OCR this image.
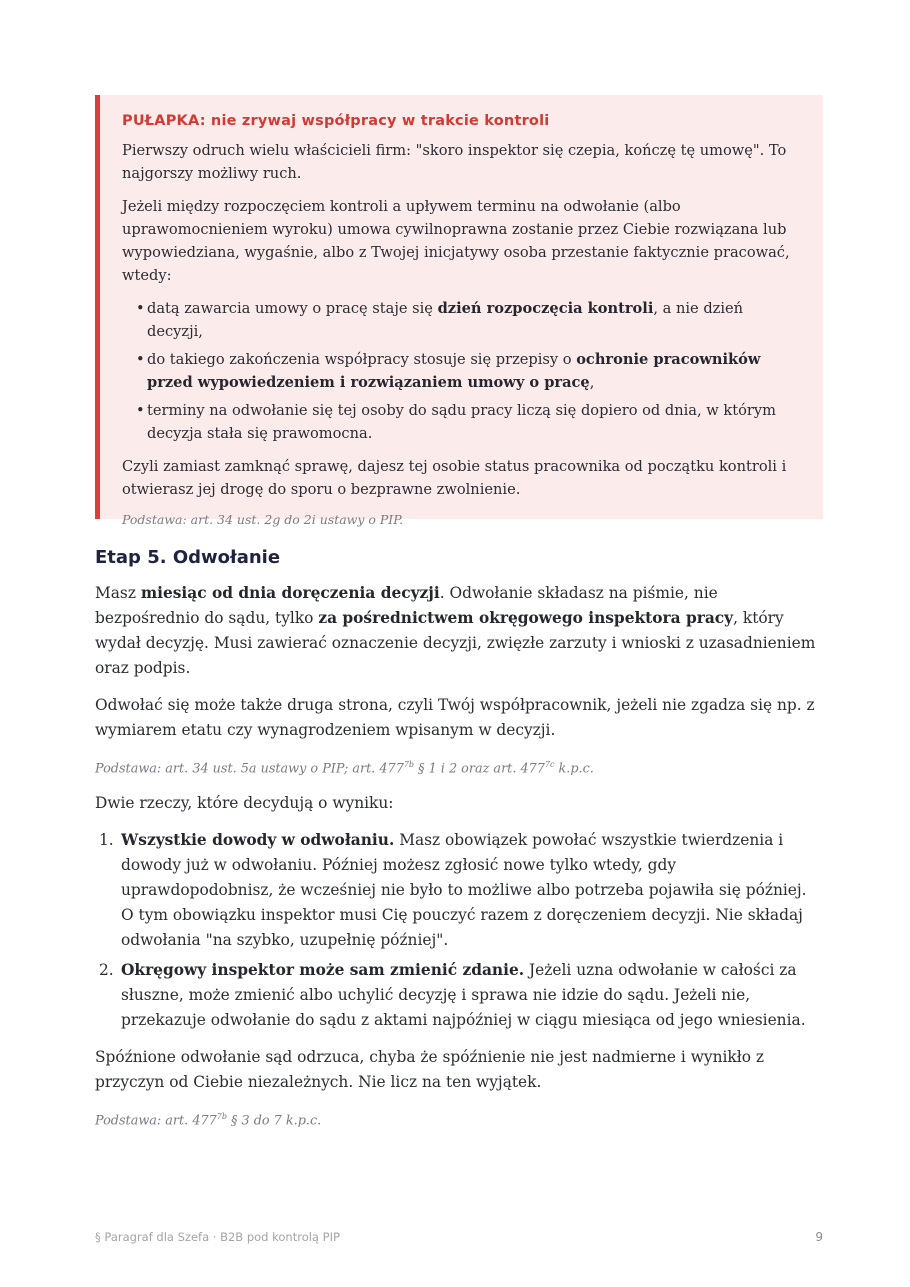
PUŁAPKA: nie zrywaj współpracy w trakcie kontroli

Pierwszy odruch wielu właścicieli firm: "skoro inspektor się czepia, kończę tę umowę". To najgorszy możliwy ruch.

Jeżeli między rozpoczęciem kontroli a upływem terminu na odwołanie (albo uprawomocnieniem wyroku) umowa cywilnoprawna zostanie przez Ciebie rozwiązana lub wypowiedziana, wygaśnie, albo z Twojej inicjatywy osoba przestanie faktycznie pracować, wtedy:

• datą zawarcia umowy o pracę staje się dzień rozpoczęcia kontroli, a nie dzień decyzji,
• do takiego zakończenia współpracy stosuje się przepisy o ochronie pracowników przed wypowiedzeniem i rozwiązaniem umowy o pracę,
• terminy na odwołanie się tej osoby do sądu pracy liczą się dopiero od dnia, w którym decyzja stała się prawomocna.

Czyli zamiast zamknąć sprawę, dajesz tej osobie status pracownika od początku kontroli i otwierasz jej drogę do sporu o bezprawne zwolnienie.

Podstawa: art. 34 ust. 2g do 2i ustawy o PIP.
Etap 5. Odwołanie

Masz miesiąc od dnia doręczenia decyzji. Odwołanie składasz na piśmie, nie bezpośrednio do sądu, tylko za pośrednictwem okręgowego inspektora pracy, który wydał decyzję. Musi zawierać oznaczenie decyzji, zwięzłe zarzuty i wnioski z uzasadnieniem oraz podpis.

Odwołać się może także druga strona, czyli Twój współpracownik, jeżeli nie zgadza się np. z wymiarem etatu czy wynagrodzeniem wpisanym w decyzji.

Podstawa: art. 34 ust. 5a ustawy o PIP; art. $477^{7b}$ § 1 i 2 oraz art. $477^{7c}$ k.p.c.

Dwie rzeczy, które decydują o wyniku:

1. Wszystkie dowody w odwołaniu. Masz obowiązek powołać wszystkie twierdzenia i dowody już w odwołaniu. Później możesz zgłosić nowe tylko wtedy, gdy uprawdopodobnisz, że wcześniej nie było to możliwe albo potrzeba pojawiła się później. O tym obowiązku inspektor musi Cię pouczyć razem z doręczeniem decyzji. Nie składaj odwołania "na szybko, uzupełnię później".
2. Okręgowy inspektor może sam zmienić zdanie. Jeżeli uzna odwołanie w całości za słuszne, może zmienić albo uchylić decyzję i sprawa nie idzie do sądu. Jeżeli nie, przekazuje odwołanie do sądu z aktami najpóźniej w ciągu miesiąca od jego wniesienia.

Spóźnione odwołanie sąd odrzuca, chyba że spóźnienie nie jest nadmierne i wynikło z przyczyn od Ciebie niezależnych. Nie licz na ten wyjątek.

Podstawa: art. $477^{7b}$ § 3 do 7 k.p.c.
§ Paragraf dla Szefa · B2B pod kontrolą PIP	9
